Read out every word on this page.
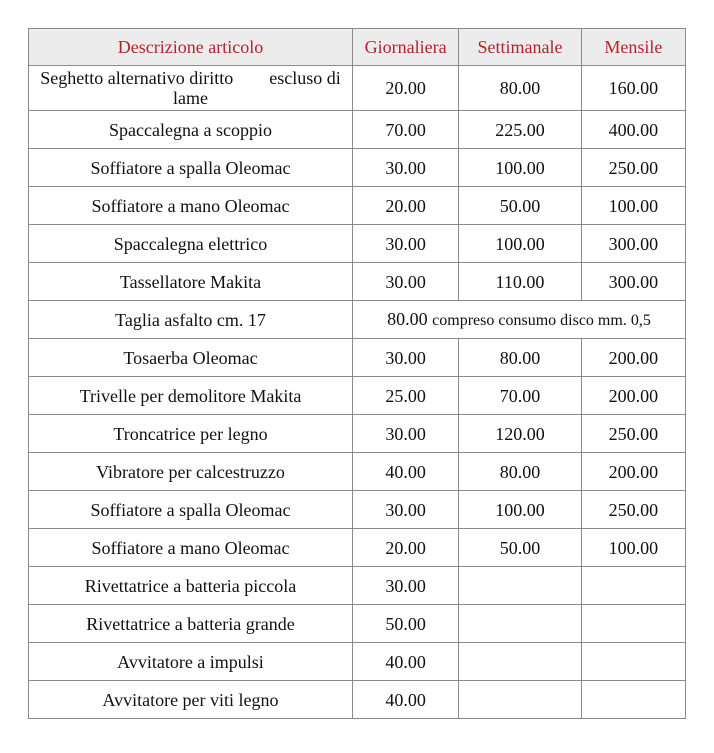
Descrizione articolo	Giornaliera	Settimanale	Mensile
Seghetto alternativo diritto        escluso di lame	20.00	80.00	160.00
Spaccalegna a scoppio	70.00	225.00	400.00
Soffiatore a spalla Oleomac	30.00	100.00	250.00
Soffiatore a mano Oleomac	20.00	50.00	100.00
Spaccalegna elettrico	30.00	100.00	300.00
Tassellatore Makita	30.00	110.00	300.00
Taglia asfalto cm. 17	80.00 compreso consumo disco mm. 0,5		
Tosaerba Oleomac	30.00	80.00	200.00
Trivelle per demolitore Makita	25.00	70.00	200.00
Troncatrice per legno	30.00	120.00	250.00
Vibratore per calcestruzzo	40.00	80.00	200.00
Soffiatore a spalla Oleomac	30.00	100.00	250.00
Soffiatore a mano Oleomac	20.00	50.00	100.00
Rivettatrice a batteria piccola	30.00		
Rivettatrice a batteria grande	50.00		
Avvitatore a impulsi	40.00		
Avvitatore per viti legno	40.00		
